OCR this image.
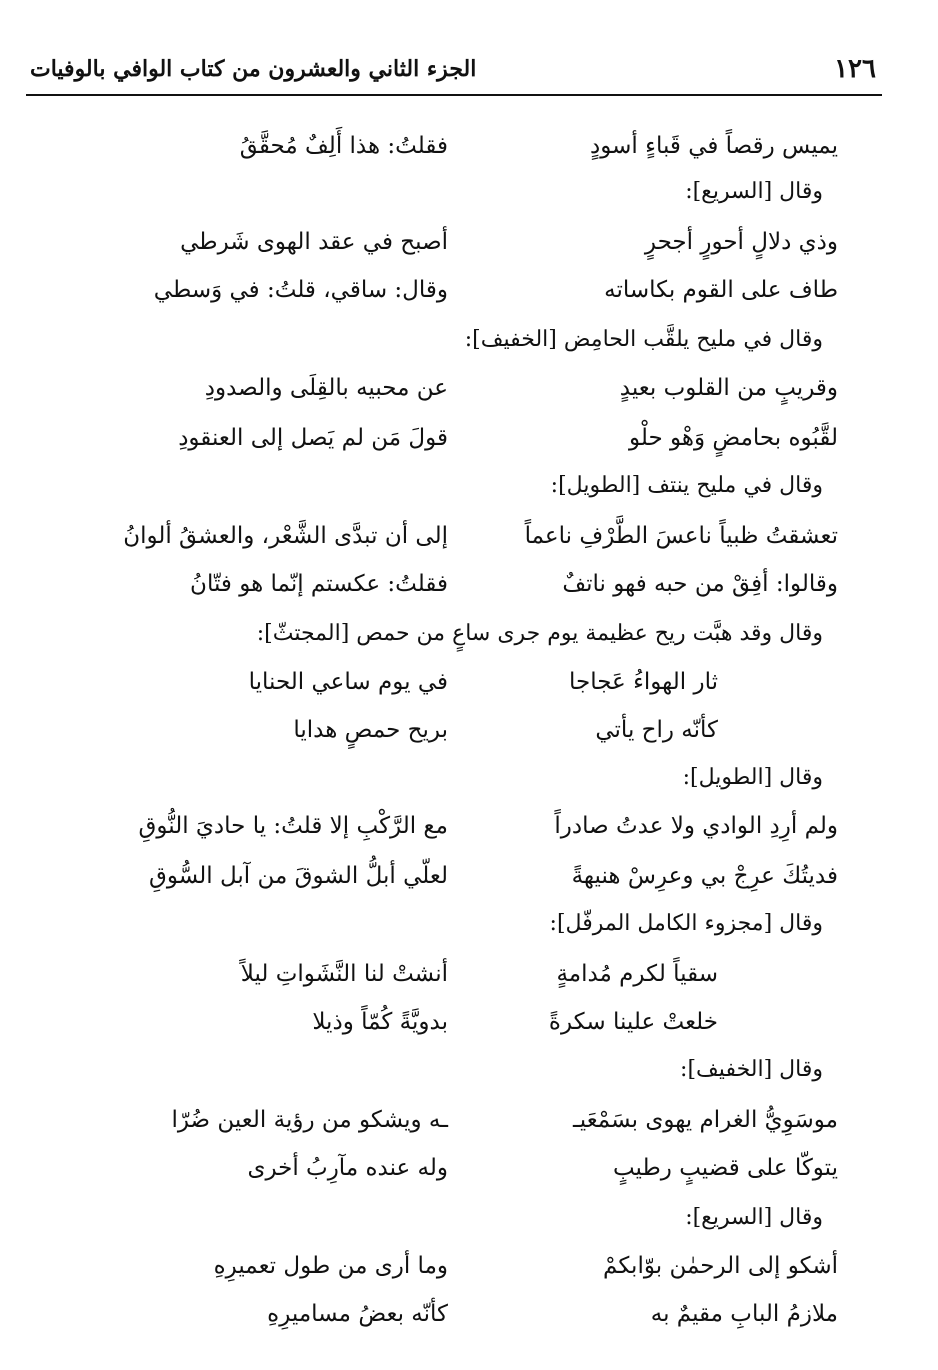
١٢٦
الجزء الثاني والعشرون من كتاب الوافي بالوفيات
يميس رقصاً في قَباءٍ أسودٍ
فقلتُ: هذا أَلِفٌ مُحقَّقُ
وقال [السريع]:
وذي دلالٍ أحورٍ أجحرٍ
أصبح في عقد الهوى شَرطي
طاف على القوم بكاساته
وقال: ساقي، قلتُ: في وَسطي
وقال في مليح يلقَّب الحامِض [الخفيف]:
وقريبٍ من القلوب بعيدٍ
عن محبيه بالقِلَى والصدودِ
لقَّبُوه بحامضٍ وَهْو حلْو
قولَ مَن لم يَصل إلى العنقودِ
وقال في مليح ينتف [الطويل]:
تعشقتُ ظبياً ناعسَ الطَّرْفِ ناعماً
إلى أن تبدَّى الشَّعْر، والعشقُ ألوانُ
وقالوا: أفِقْ من حبه فهو ناتفٌ
فقلتُ: عكستم إنّما هو فتّانُ
وقال وقد هبَّت ريح عظيمة يوم جرى ساعٍ من حمص [المجتثّ]:
ثار الهواءُ عَجاجا
في يوم ساعي الحنايا
كأنّه راح يأتي
بريح حمصٍ هدايا
وقال [الطويل]:
ولم أرِدِ الوادي ولا عدتُ صادراً
مع الرَّكْبِ إلا قلتُ: يا حاديَ النُّوقِ
فديتُكَ عرِجْ بي وعرِسْ هنيهةً
لعلّي أبلُّ الشوقَ من آبل السُّوقِ
وقال [مجزوء الكامل المرفّل]:
سقياً لكرم مُدامةٍ
أنشتْ لنا النَّشَواتِ ليلاً
خلعتْ علينا سكرةً
بدويَّةً كُمّاً وذيلا
وقال [الخفيف]:
موسَوِيُّ الغرام يهوى بسَمْعَيـ
ـه ويشكو من رؤية العين ضُرّا
يتوكّا على قضيبٍ رطيبٍ
وله عنده مآرِبُ أخرى
وقال [السريع]:
أشكو إلى الرحمٰن بوّابكمْ
وما أرى من طول تعميرِهِ
ملازمُ البابِ مقيمٌ به
كأنّه بعضُ مساميرِهِ
